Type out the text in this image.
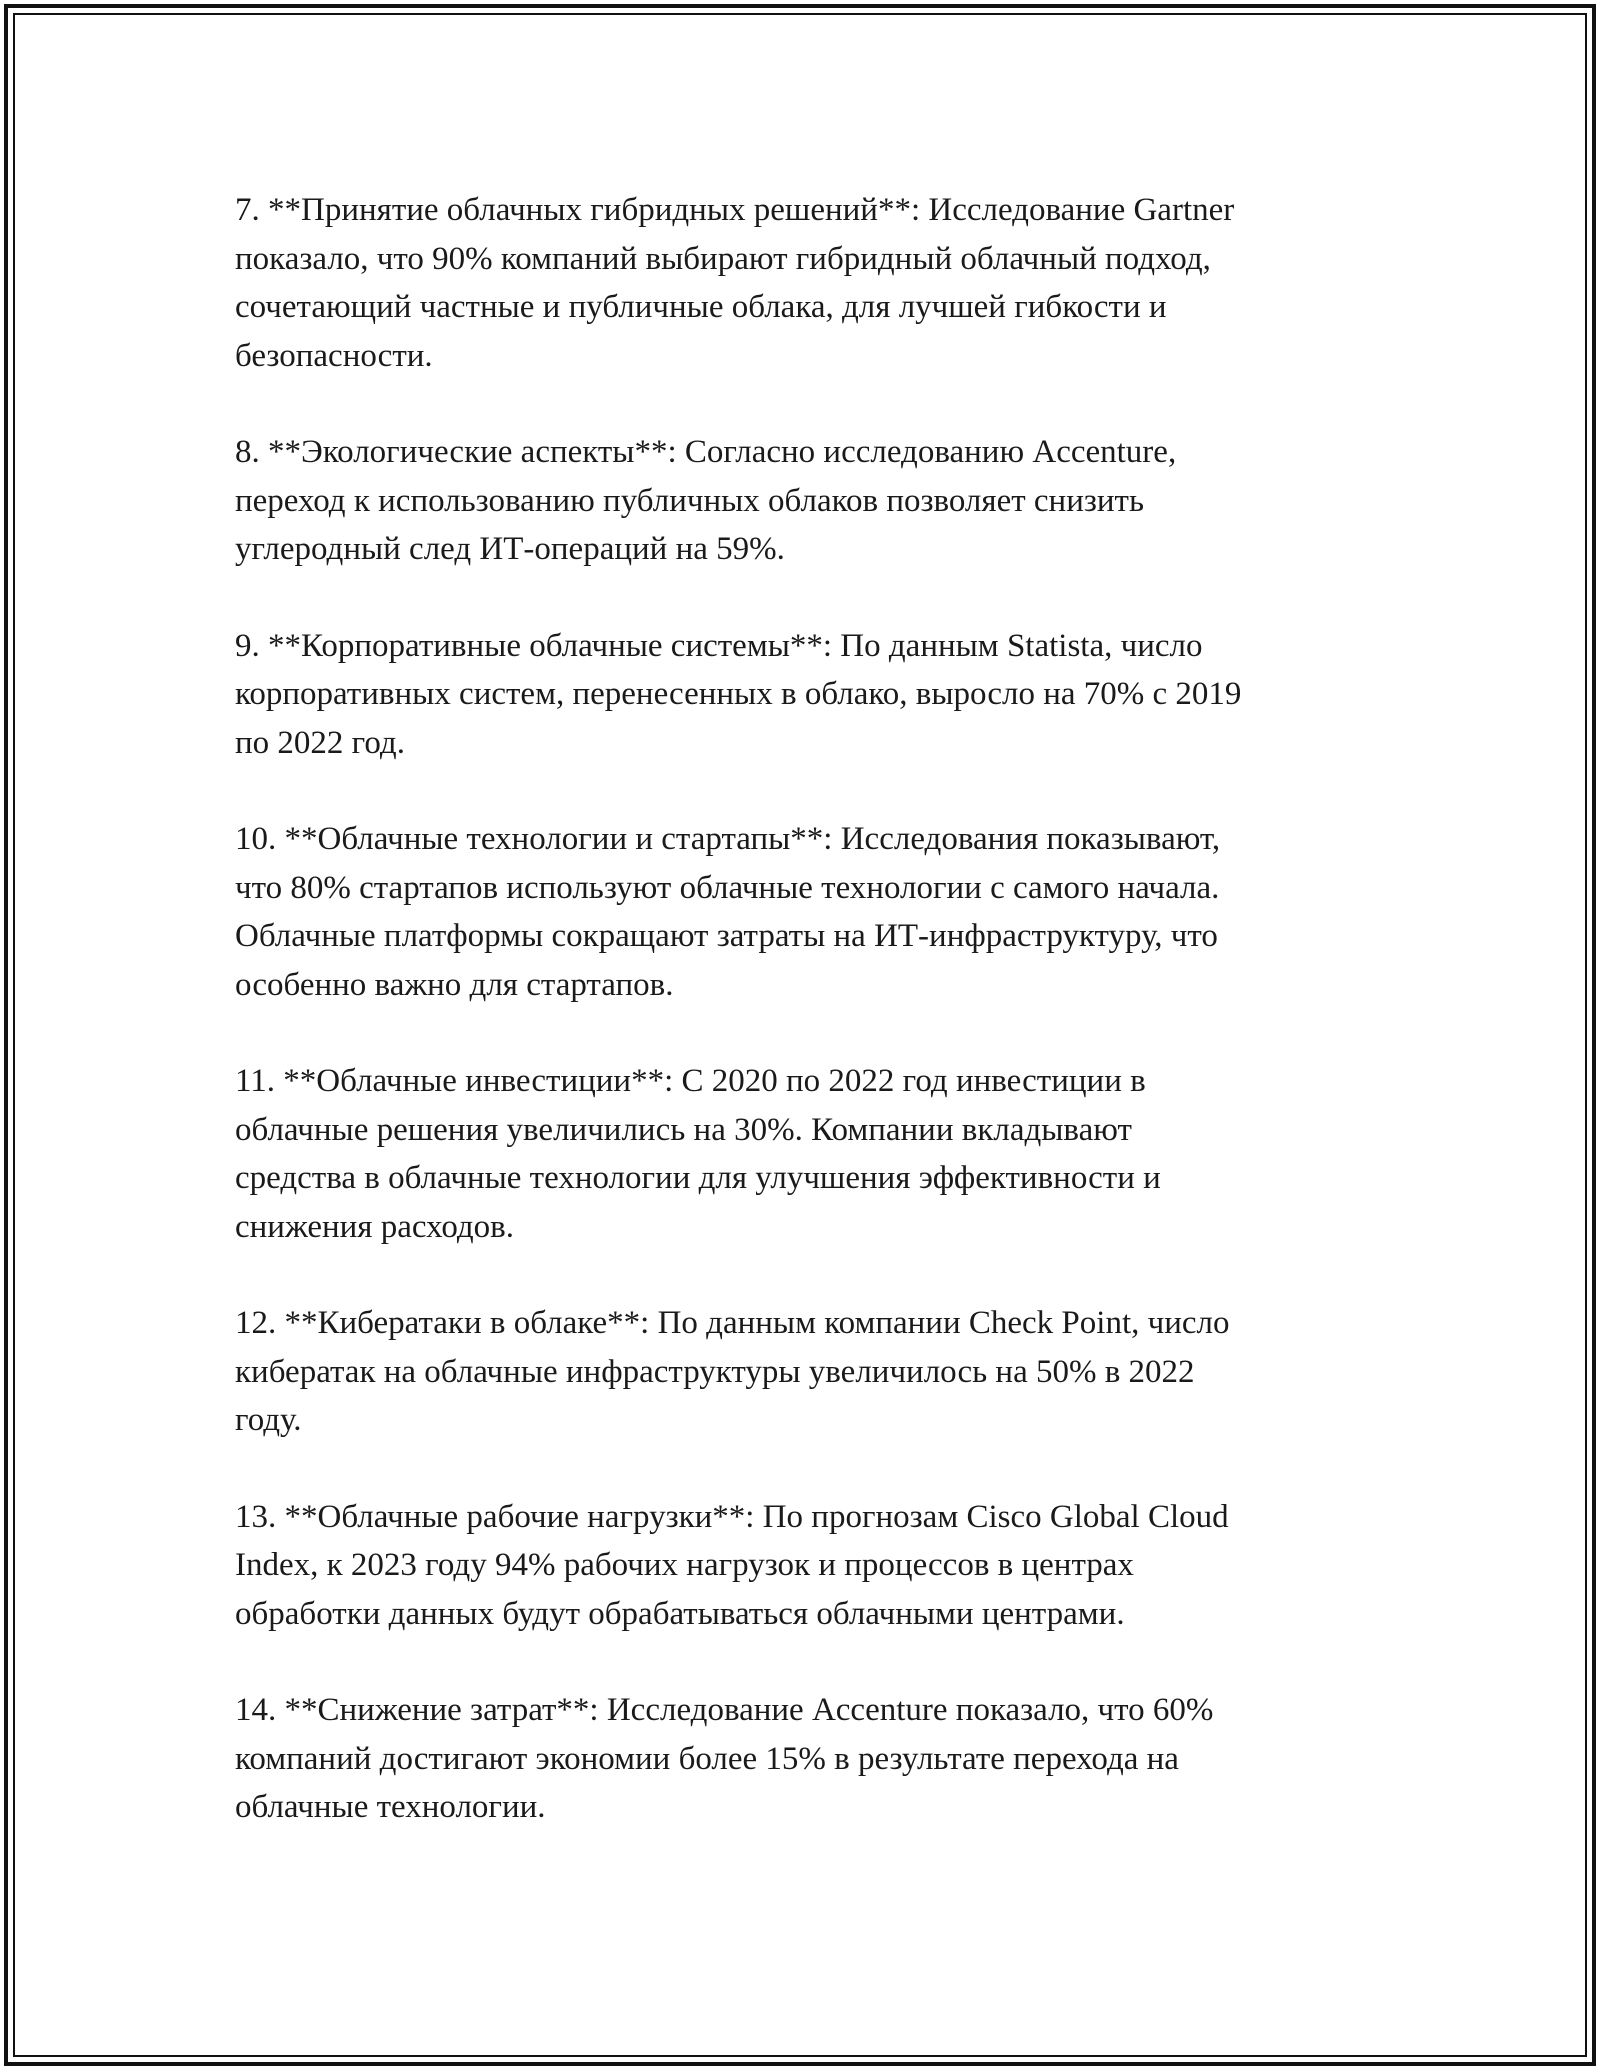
7. **Принятие облачных гибридных решений**: Исследование Gartner
показало, что 90% компаний выбирают гибридный облачный подход,
сочетающий частные и публичные облака, для лучшей гибкости и
безопасности.
8. **Экологические аспекты**: Согласно исследованию Accenture,
переход к использованию публичных облаков позволяет снизить
углеродный след ИТ-операций на 59%.
9. **Корпоративные облачные системы**: По данным Statista, число
корпоративных систем, перенесенных в облако, выросло на 70% с 2019
по 2022 год.
10. **Облачные технологии и стартапы**: Исследования показывают,
что 80% стартапов используют облачные технологии с самого начала.
Облачные платформы сокращают затраты на ИТ-инфраструктуру, что
особенно важно для стартапов.
11. **Облачные инвестиции**: С 2020 по 2022 год инвестиции в
облачные решения увеличились на 30%. Компании вкладывают
средства в облачные технологии для улучшения эффективности и
снижения расходов.
12. **Кибератаки в облаке**: По данным компании Check Point, число
кибератак на облачные инфраструктуры увеличилось на 50% в 2022
году.
13. **Облачные рабочие нагрузки**: По прогнозам Cisco Global Cloud
Index, к 2023 году 94% рабочих нагрузок и процессов в центрах
обработки данных будут обрабатываться облачными центрами.
14. **Снижение затрат**: Исследование Accenture показало, что 60%
компаний достигают экономии более 15% в результате перехода на
облачные технологии.
